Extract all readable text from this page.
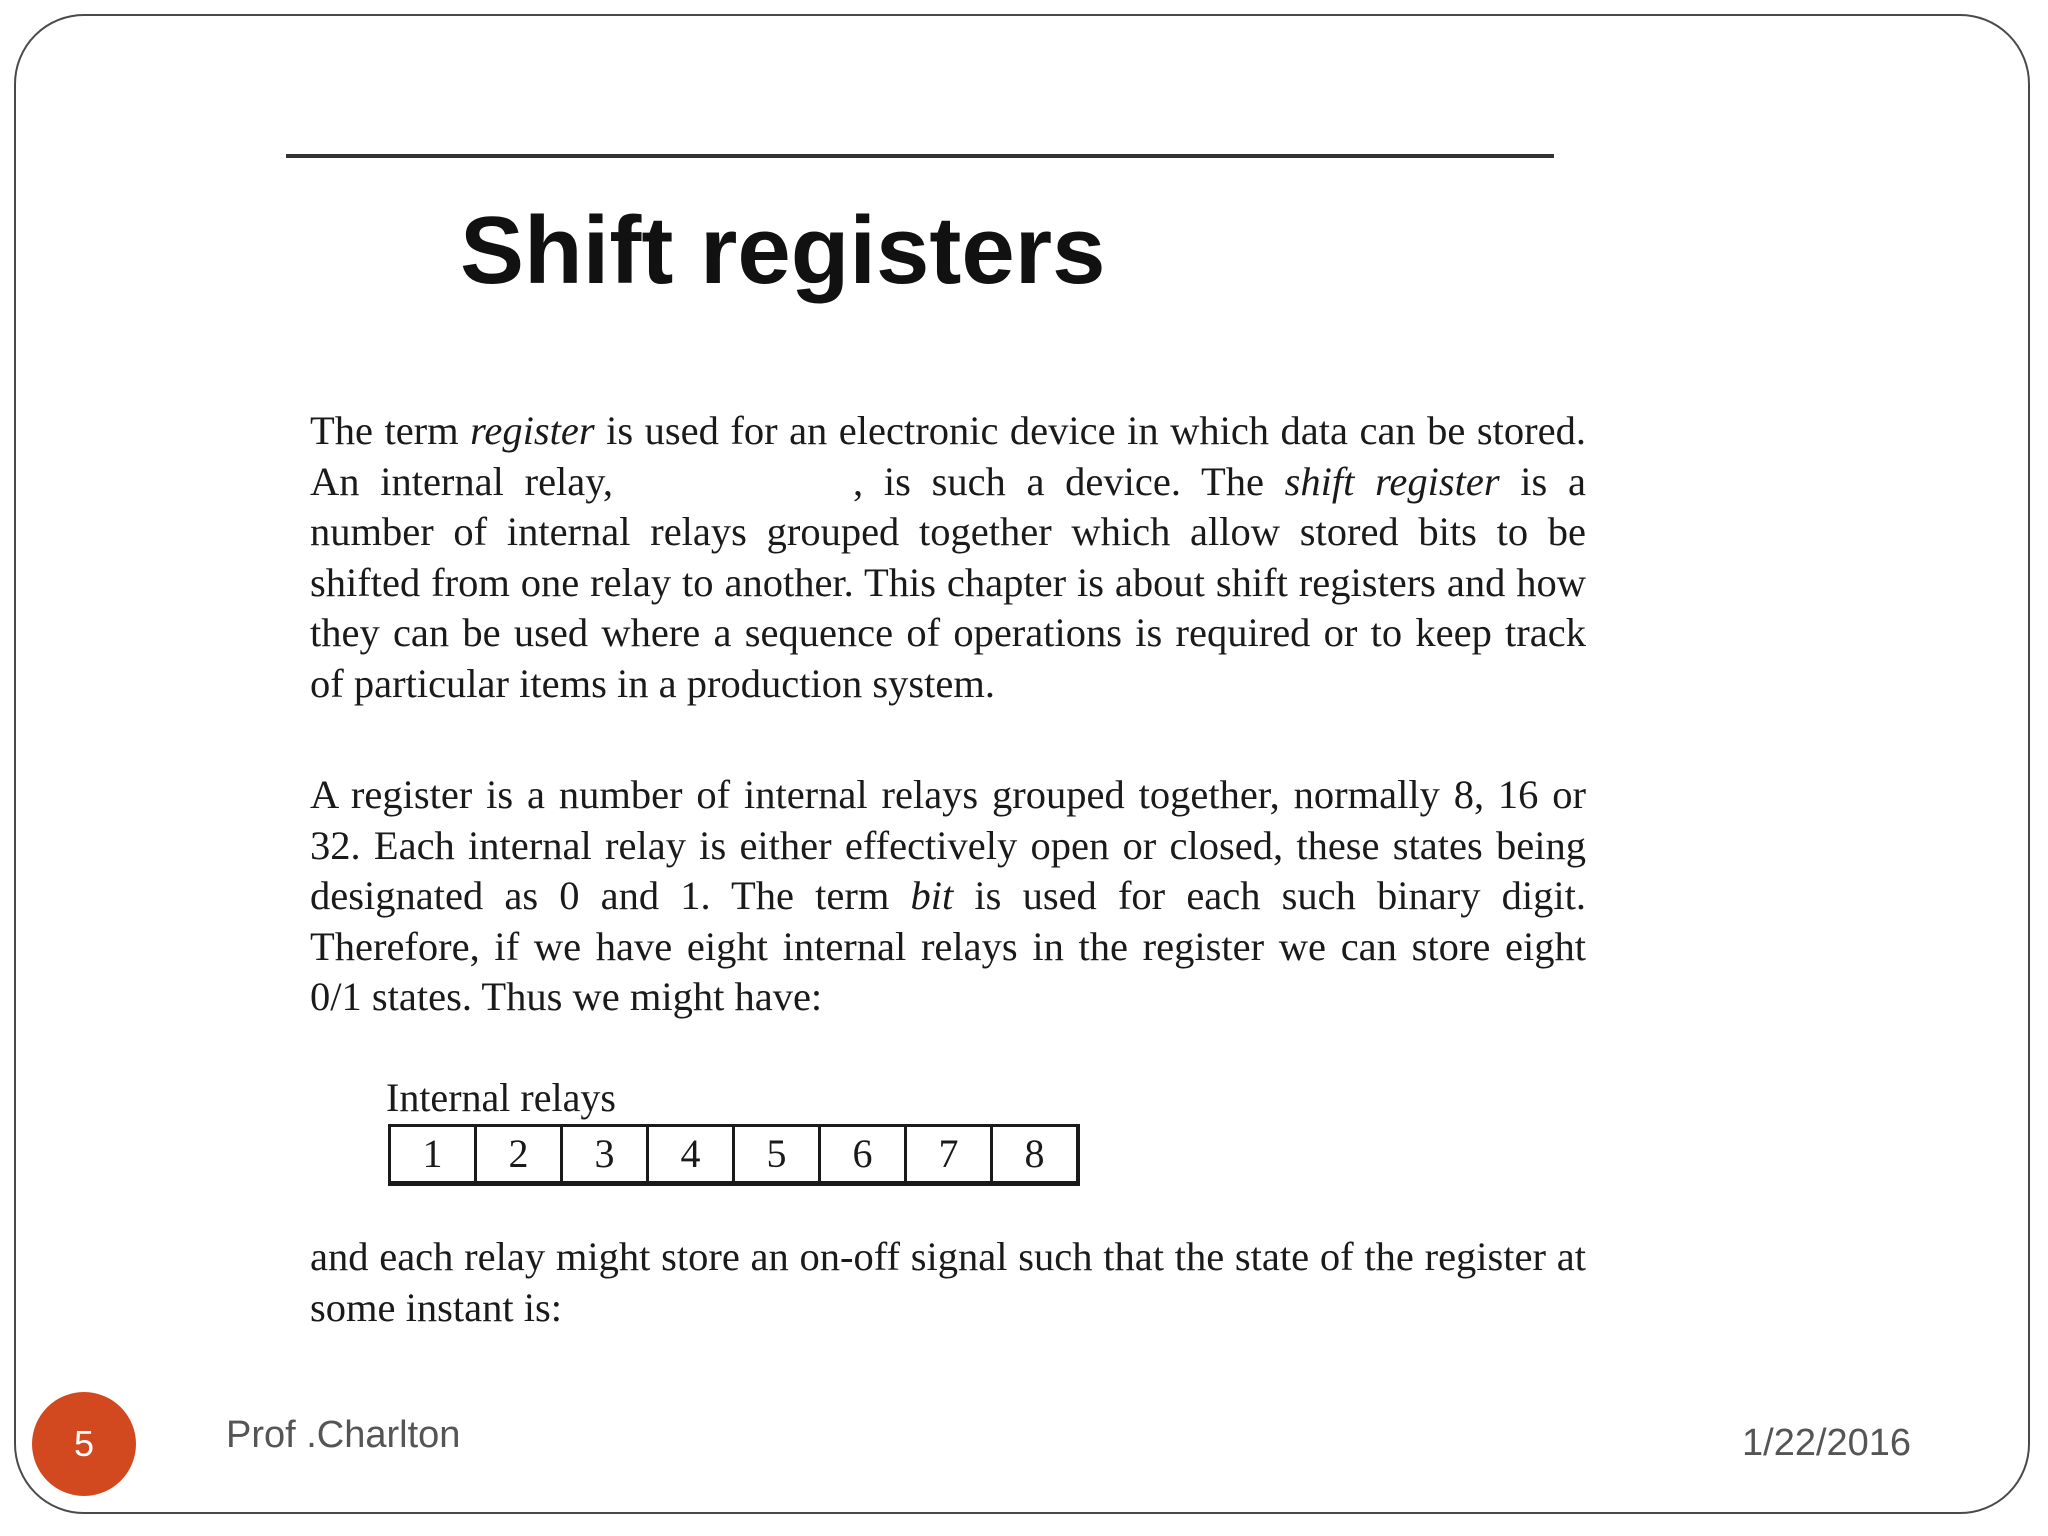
Shift registers

The term register is used for an electronic device in which data can be stored. An internal relay,	, is such a device. The shift register is a number of internal relays grouped together which allow stored bits to be shifted from one relay to another. This chapter is about shift registers and how they can be used where a sequence of operations is required or to keep track of particular items in a production system.

A register is a number of internal relays grouped together, normally 8, 16 or 32. Each internal relay is either effectively open or closed, these states being designated as 0 and 1. The term bit is used for each such binary digit. Therefore, if we have eight internal relays in the register we can store eight 0/1 states. Thus we might have:

Internal relays
1	2	3	4	5	6	7	8

and each relay might store an on-off signal such that the state of the register at some instant is:

5	Prof .Charlton	1/22/2016
